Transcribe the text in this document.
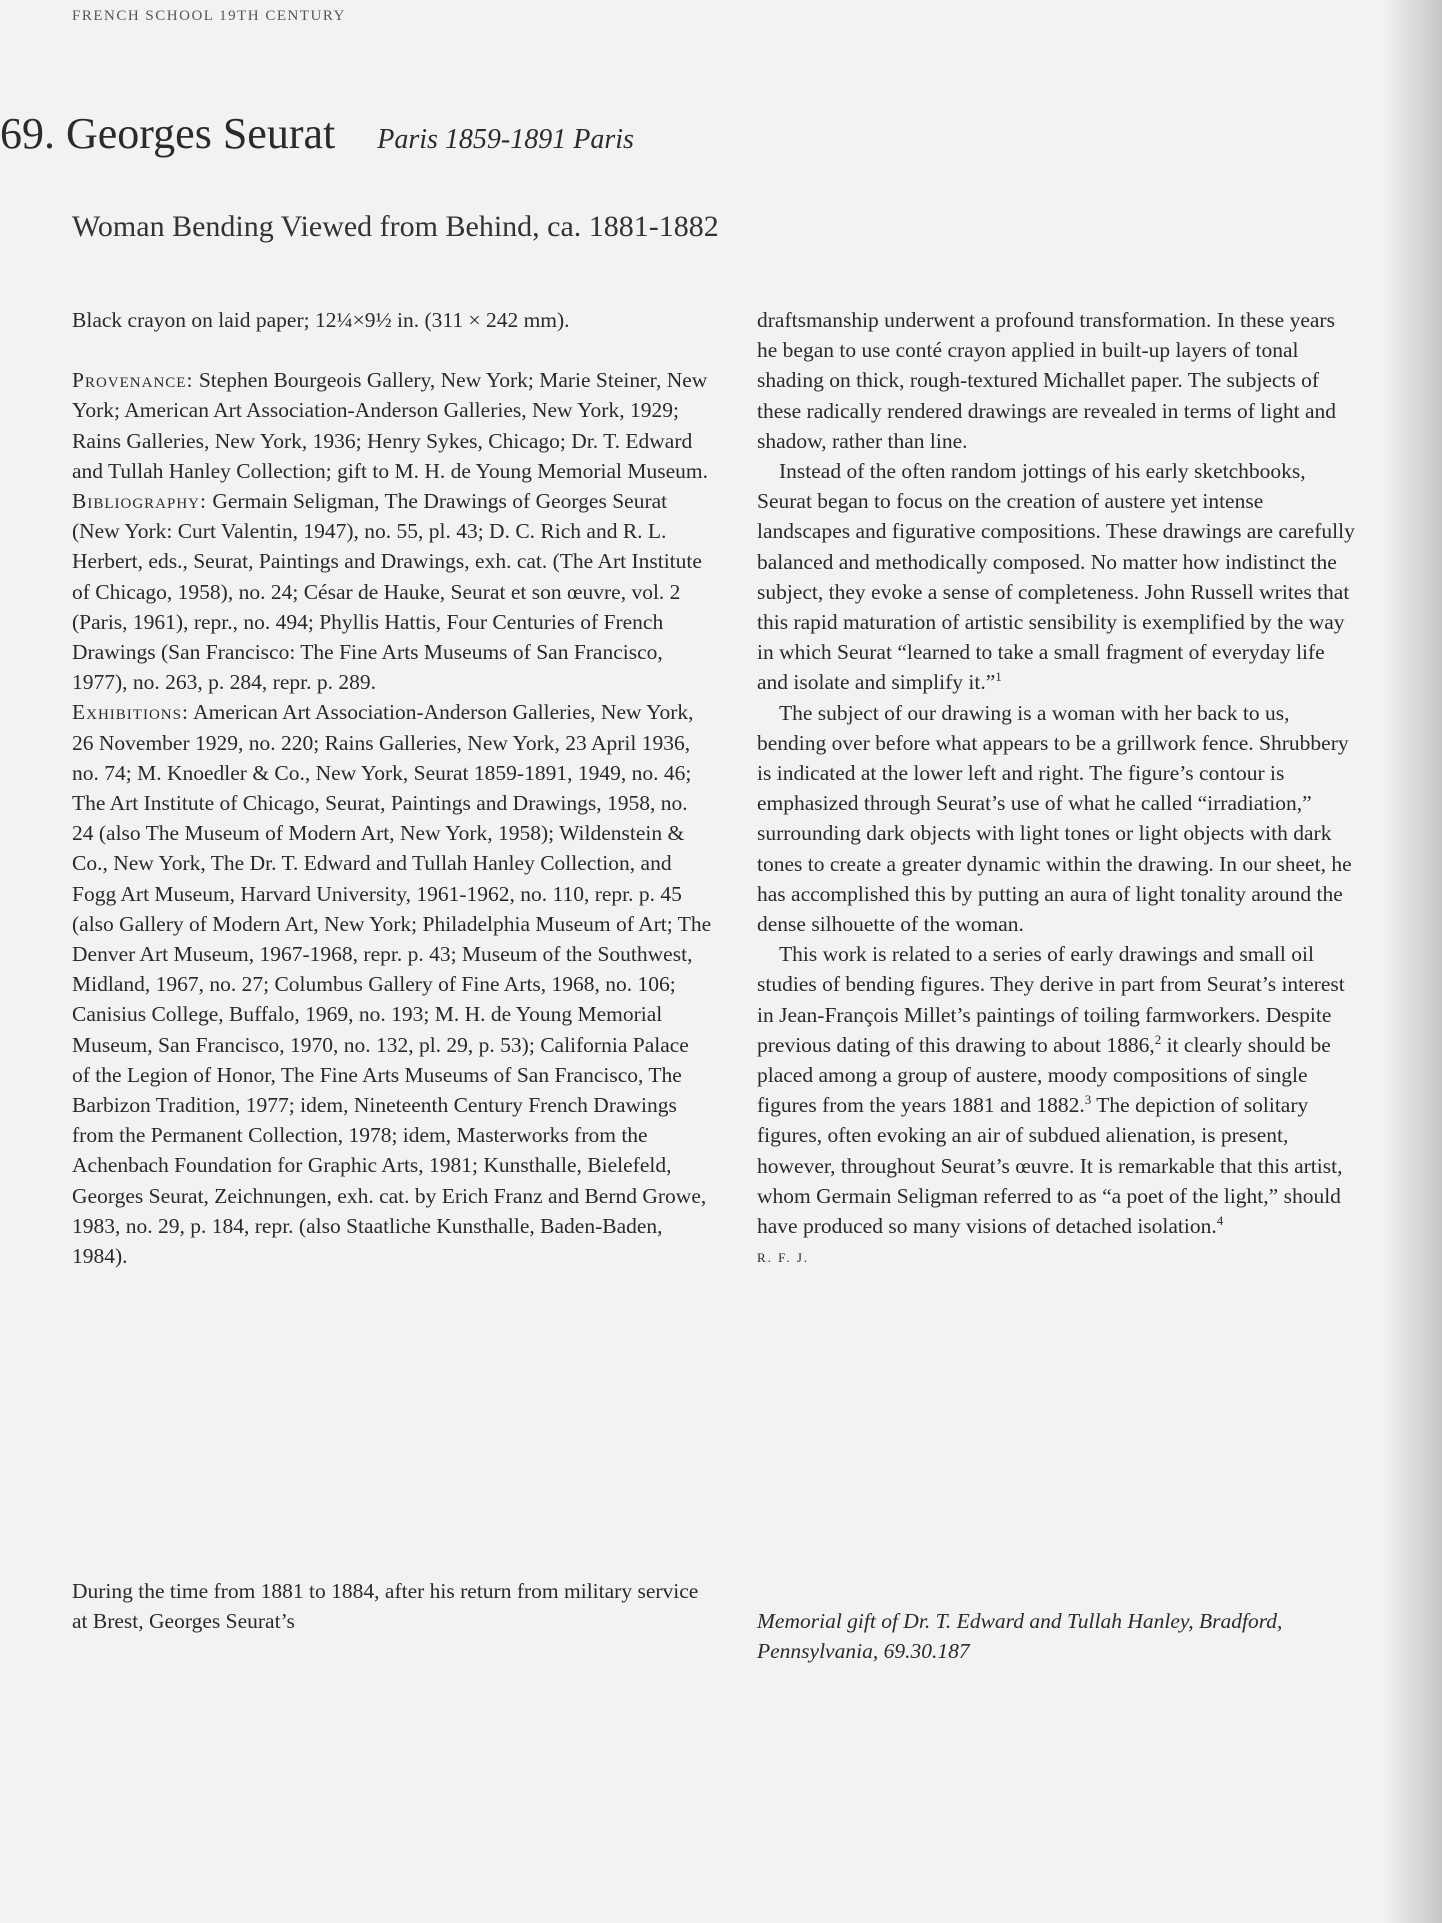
FRENCH SCHOOL 19TH CENTURY
69. Georges Seurat Paris 1859-1891 Paris
Woman Bending Viewed from Behind, ca. 1881-1882

Black crayon on laid paper; 12¼×9½ in. (311 × 242 mm).

Provenance: Stephen Bourgeois Gallery, New York; Marie Steiner, New York; American Art Association-Anderson Galleries, New York, 1929; Rains Galleries, New York, 1936; Henry Sykes, Chicago; Dr. T. Edward and Tullah Hanley Collection; gift to M. H. de Young Memorial Museum.

Bibliography: Germain Seligman, The Drawings of Georges Seurat (New York: Curt Valentin, 1947), no. 55, pl. 43; D. C. Rich and R. L. Herbert, eds., Seurat, Paintings and Drawings, exh. cat. (The Art Institute of Chicago, 1958), no. 24; César de Hauke, Seurat et son œuvre, vol. 2 (Paris, 1961), repr., no. 494; Phyllis Hattis, Four Centuries of French Drawings (San Francisco: The Fine Arts Museums of San Francisco, 1977), no. 263, p. 284, repr. p. 289.

Exhibitions: American Art Association-Anderson Galleries, New York, 26 November 1929, no. 220; Rains Galleries, New York, 23 April 1936, no. 74; M. Knoedler & Co., New York, Seurat 1859-1891, 1949, no. 46; The Art Institute of Chicago, Seurat, Paintings and Drawings, 1958, no. 24 (also The Museum of Modern Art, New York, 1958); Wildenstein & Co., New York, The Dr. T. Edward and Tullah Hanley Collection, and Fogg Art Museum, Harvard University, 1961-1962, no. 110, repr. p. 45 (also Gallery of Modern Art, New York; Philadelphia Museum of Art; The Denver Art Museum, 1967-1968, repr. p. 43; Museum of the Southwest, Midland, 1967, no. 27; Columbus Gallery of Fine Arts, 1968, no. 106; Canisius College, Buffalo, 1969, no. 193; M. H. de Young Memorial Museum, San Francisco, 1970, no. 132, pl. 29, p. 53); California Palace of the Legion of Honor, The Fine Arts Museums of San Francisco, The Barbizon Tradition, 1977; idem, Nineteenth Century French Drawings from the Permanent Collection, 1978; idem, Masterworks from the Achenbach Foundation for Graphic Arts, 1981; Kunsthalle, Bielefeld, Georges Seurat, Zeichnungen, exh. cat. by Erich Franz and Bernd Growe, 1983, no. 29, p. 184, repr. (also Staatliche Kunsthalle, Baden-Baden, 1984).

During the time from 1881 to 1884, after his return from military service at Brest, Georges Seurat’s

draftsmanship underwent a profound transformation. In these years he began to use conté crayon applied in built-up layers of tonal shading on thick, rough-textured Michallet paper. The subjects of these radically rendered drawings are revealed in terms of light and shadow, rather than line.

Instead of the often random jottings of his early sketchbooks, Seurat began to focus on the creation of austere yet intense landscapes and figurative compositions. These drawings are carefully balanced and methodically composed. No matter how indistinct the subject, they evoke a sense of completeness. John Russell writes that this rapid maturation of artistic sensibility is exemplified by the way in which Seurat “learned to take a small fragment of everyday life and isolate and simplify it.”$^1$

The subject of our drawing is a woman with her back to us, bending over before what appears to be a grillwork fence. Shrubbery is indicated at the lower left and right. The figure’s contour is emphasized through Seurat’s use of what he called “irradiation,” surrounding dark objects with light tones or light objects with dark tones to create a greater dynamic within the drawing. In our sheet, he has accomplished this by putting an aura of light tonality around the dense silhouette of the woman.

This work is related to a series of early drawings and small oil studies of bending figures. They derive in part from Seurat’s interest in Jean-François Millet’s paintings of toiling farmworkers. Despite previous dating of this drawing to about 1886,$^2$ it clearly should be placed among a group of austere, moody compositions of single figures from the years 1881 and 1882.$^3$ The depiction of solitary figures, often evoking an air of subdued alienation, is present, however, throughout Seurat’s œuvre. It is remarkable that this artist, whom Germain Seligman referred to as “a poet of the light,” should have produced so many visions of detached isolation.$^4$

R. F. J.
Memorial gift of Dr. T. Edward and Tullah Hanley, Bradford, Pennsylvania, 69.30.187
